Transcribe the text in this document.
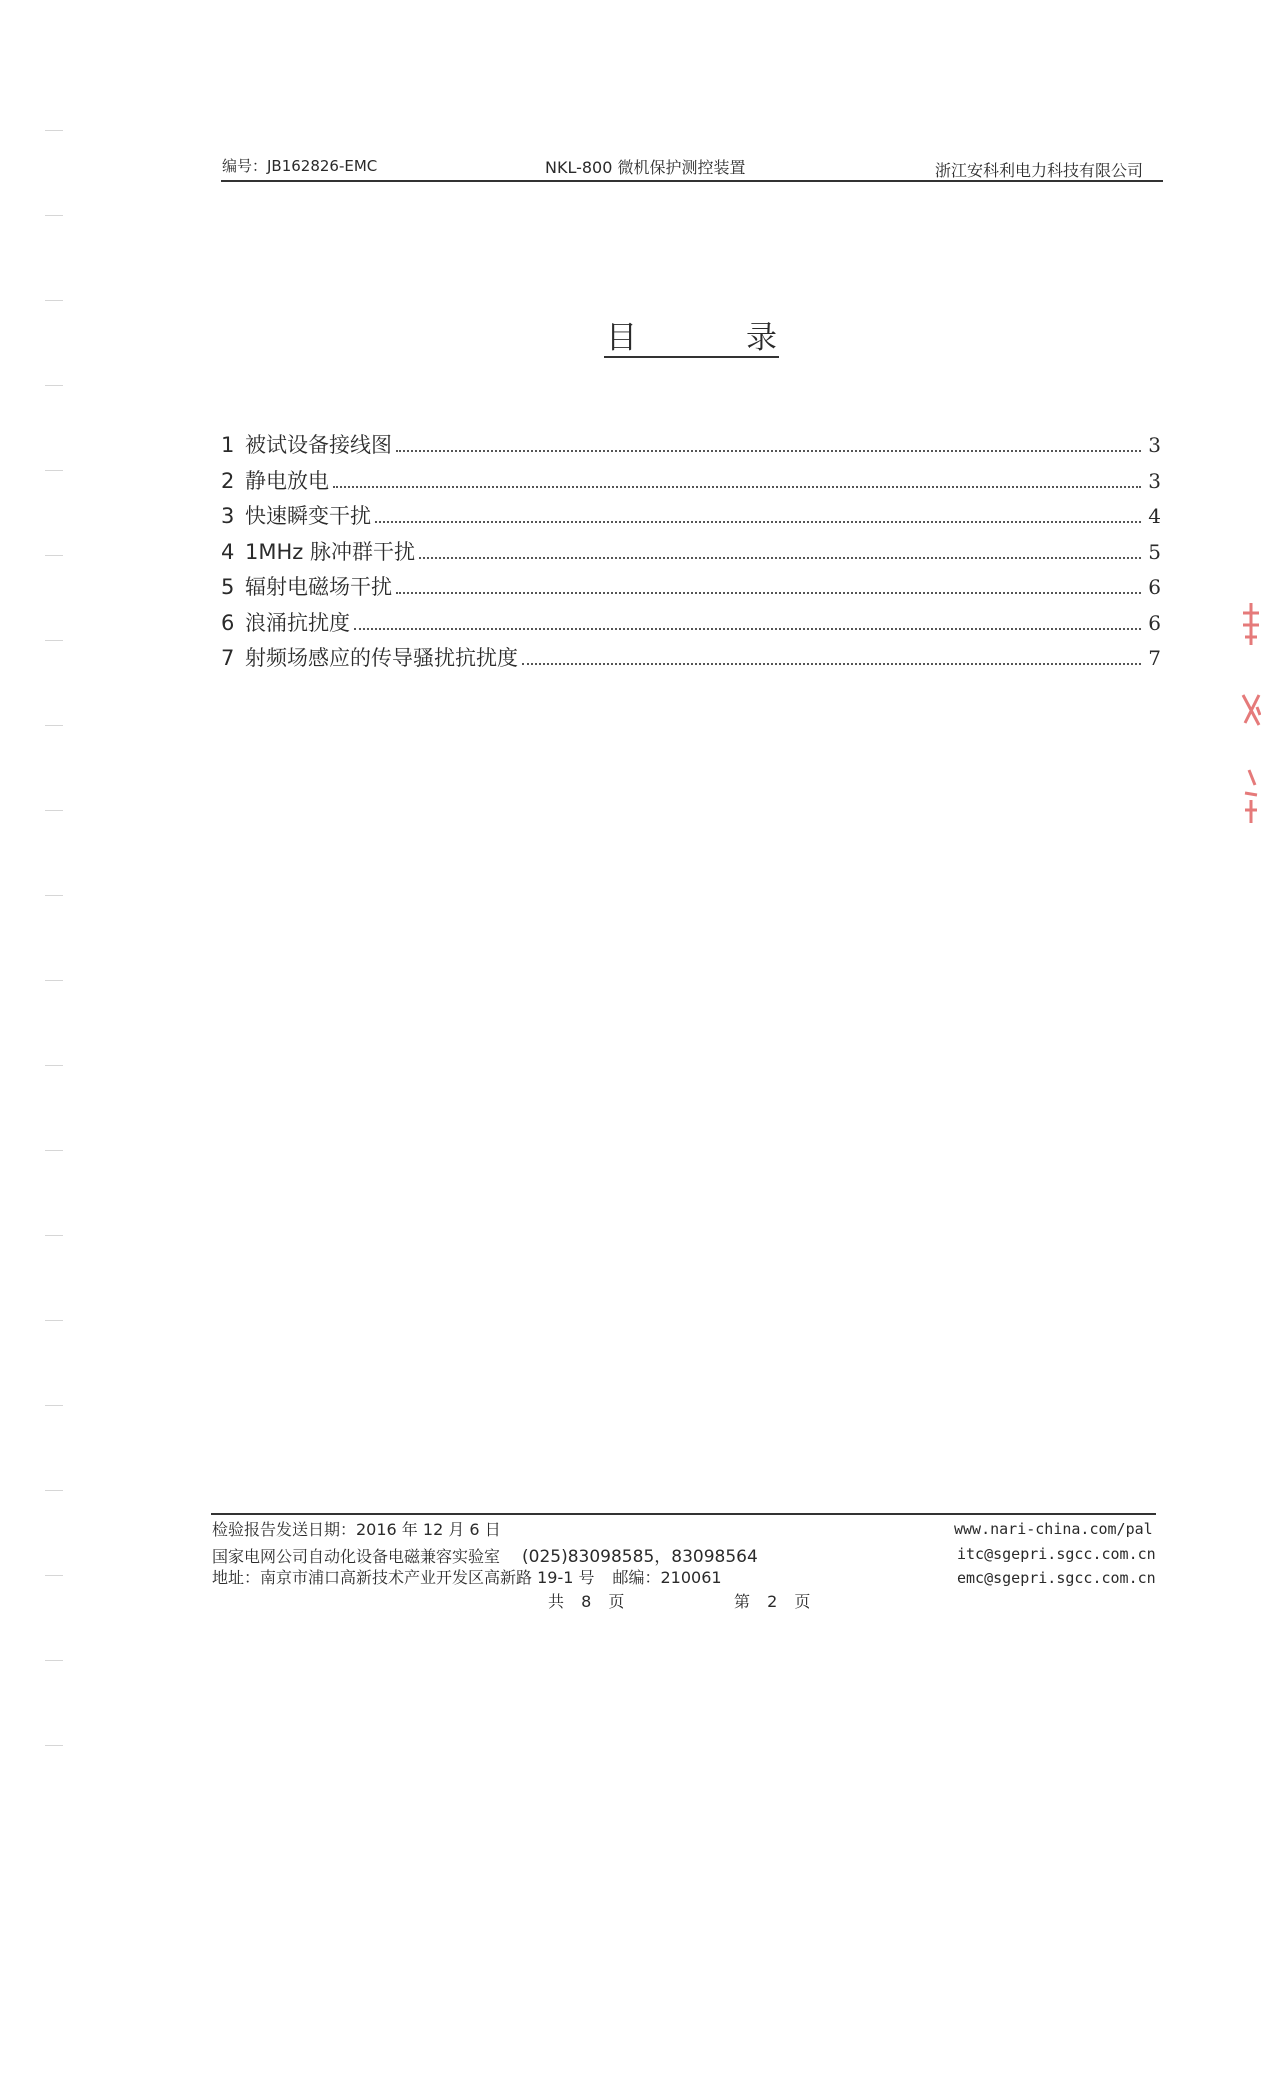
编号：JB162826-EMC	NKL-800 微机保护测控装置	浙江安科利电力科技有限公司
目	录
1 被试设备接线图	3
2 静电放电	3
3 快速瞬变干扰	4
4 1MHz 脉冲群干扰	5
5 辐射电磁场干扰	6
6 浪涌抗扰度	6
7 射频场感应的传导骚扰抗扰度	7
检验报告发送日期：2016 年 12 月 6 日
国家电网公司自动化设备电磁兼容实验室 (025)83098585，83098564
地址：南京市浦口高新技术产业开发区高新路 19-1 号 邮编：210061
共 8 页	第 2 页
www.nari-china.com/pal
itc@sgepri.sgcc.com.cn
emc@sgepri.sgcc.com.cn
